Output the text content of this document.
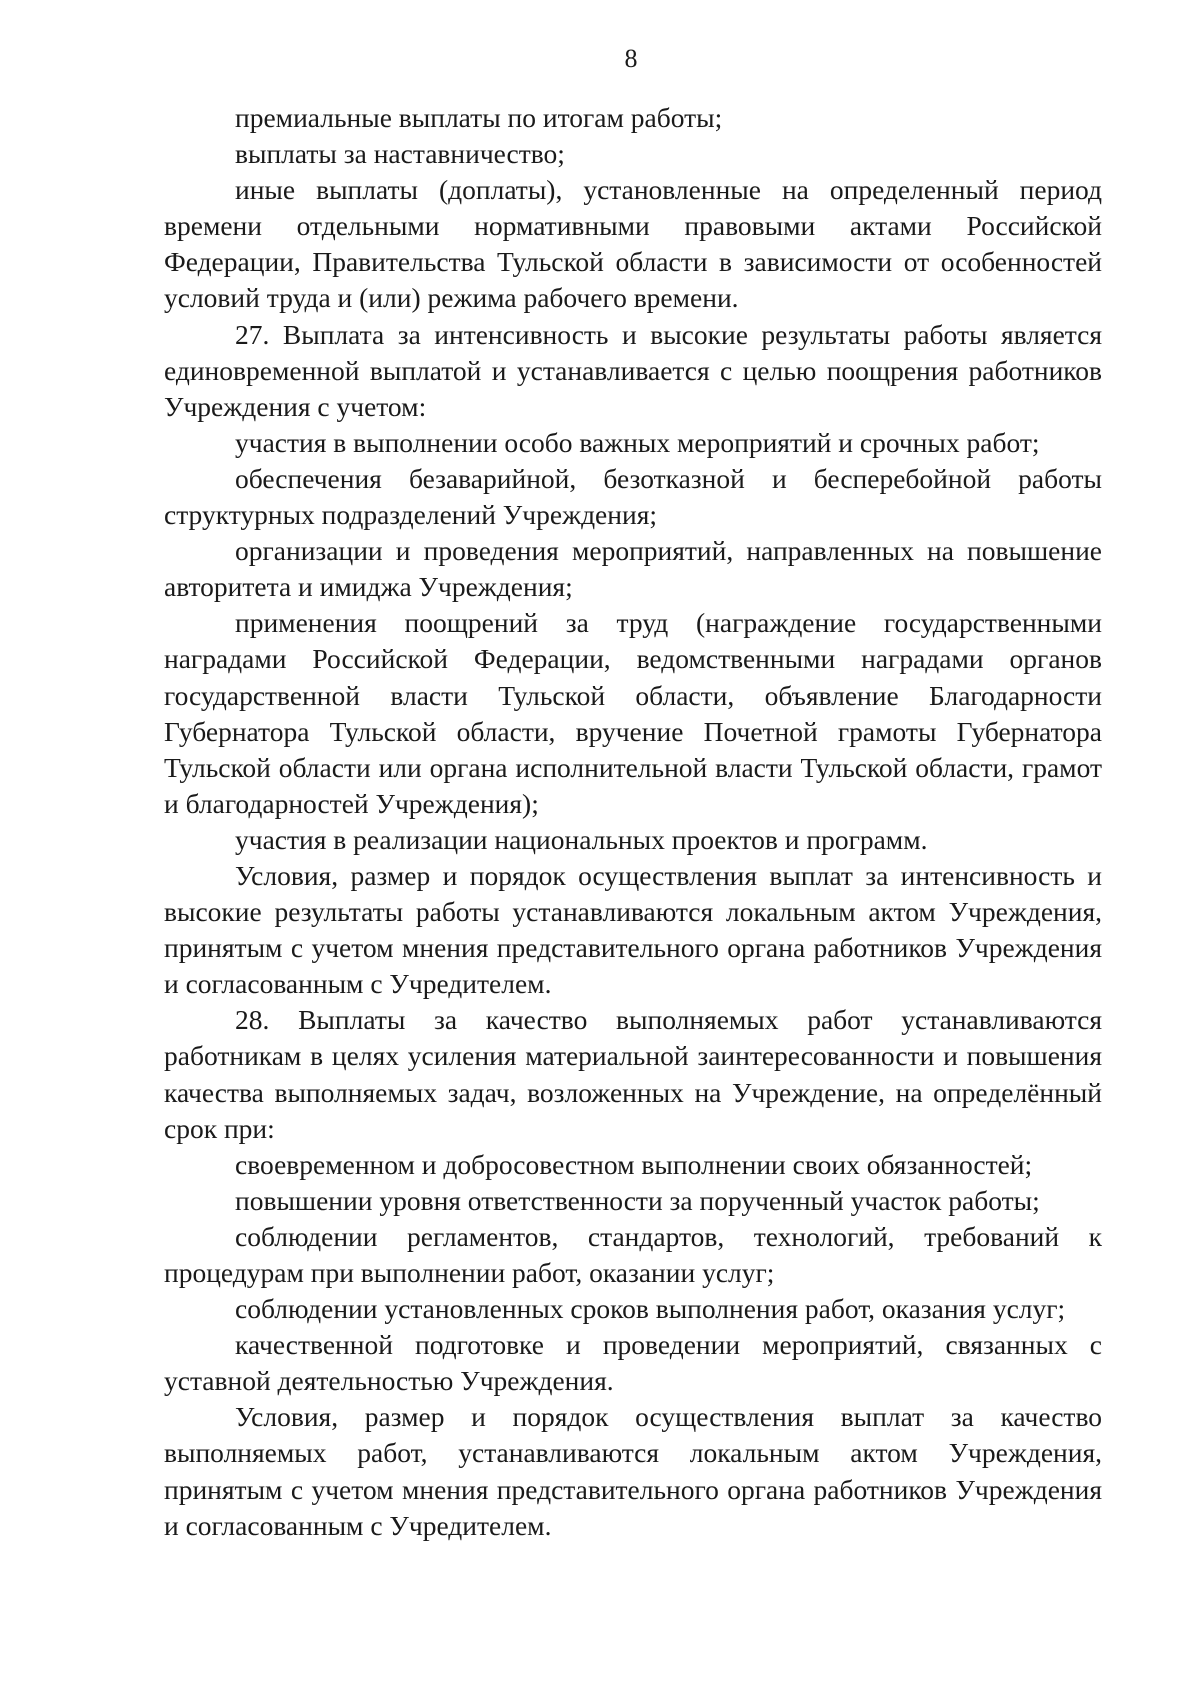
8

премиальные выплаты по итогам работы;

выплаты за наставничество;

иные выплаты (доплаты), установленные на определенный период времени отдельными нормативными правовыми актами Российской Федерации, Правительства Тульской области в зависимости от особенностей условий труда и (или) режима рабочего времени.

27. Выплата за интенсивность и высокие результаты работы является единовременной выплатой и устанавливается с целью поощрения работников Учреждения с учетом:

участия в выполнении особо важных мероприятий и срочных работ;

обеспечения безаварийной, безотказной и бесперебойной работы структурных подразделений Учреждения;

организации и проведения мероприятий, направленных на повышение авторитета и имиджа Учреждения;

применения поощрений за труд (награждение государственными наградами Российской Федерации, ведомственными наградами органов государственной власти Тульской области, объявление Благодарности Губернатора Тульской области, вручение Почетной грамоты Губернатора Тульской области или органа исполнительной власти Тульской области, грамот и благодарностей Учреждения);

участия в реализации национальных проектов и программ.

Условия, размер и порядок осуществления выплат за интенсивность и высокие результаты работы устанавливаются локальным актом Учреждения, принятым с учетом мнения представительного органа работников Учреждения и согласованным с Учредителем.

28. Выплаты за качество выполняемых работ устанавливаются работникам в целях усиления материальной заинтересованности и повышения качества выполняемых задач, возложенных на Учреждение, на определённый срок при:

своевременном и добросовестном выполнении своих обязанностей;

повышении уровня ответственности за порученный участок работы;

соблюдении регламентов, стандартов, технологий, требований к процедурам при выполнении работ, оказании услуг;

соблюдении установленных сроков выполнения работ, оказания услуг;

качественной подготовке и проведении мероприятий, связанных с уставной деятельностью Учреждения.

Условия, размер и порядок осуществления выплат за качество выполняемых работ, устанавливаются локальным актом Учреждения, принятым с учетом мнения представительного органа работников Учреждения и согласованным с Учредителем.
